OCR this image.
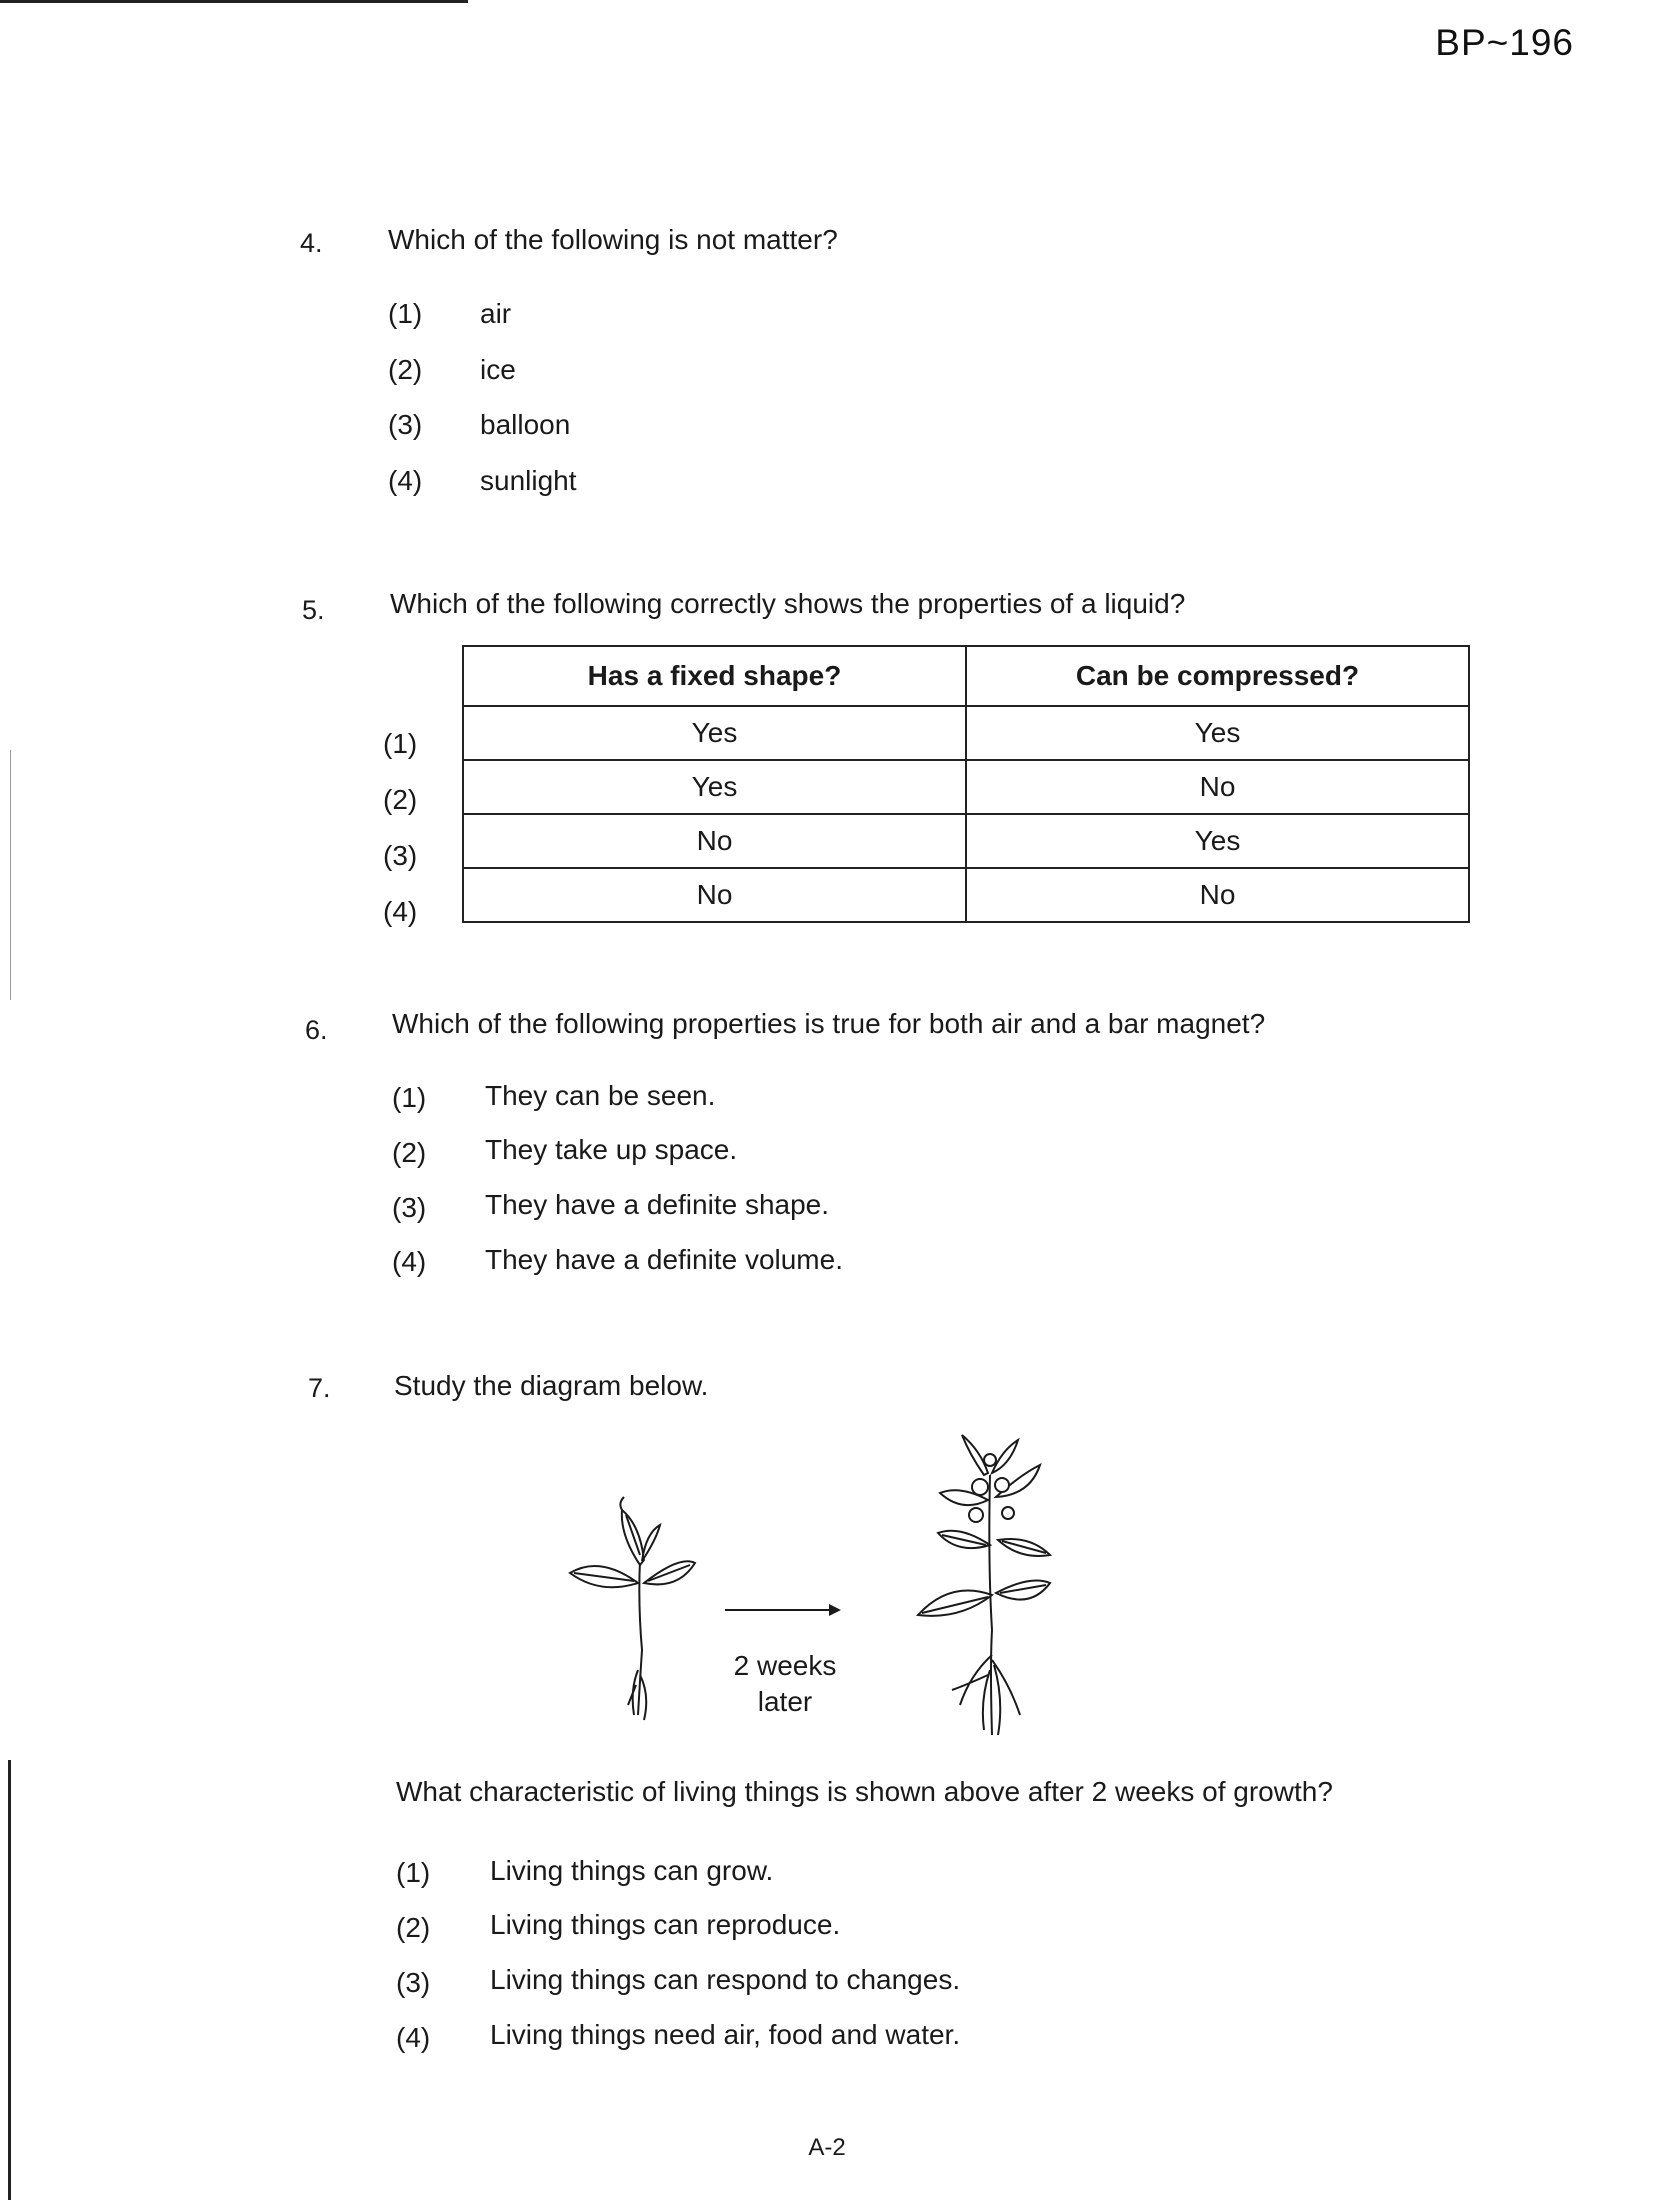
BP~196
4. Which of the following is not matter?
(1) air
(2) ice
(3) balloon
(4) sunlight
5. Which of the following correctly shows the properties of a liquid?
(1)
(2)
(3)
(4)
Has a fixed shape?	Can be compressed?
Yes	Yes
Yes	No
No	Yes
No	No
6. Which of the following properties is true for both air and a bar magnet?
(1) They can be seen.
(2) They take up space.
(3) They have a definite shape.
(4) They have a definite volume.
7. Study the diagram below.
2 weeks
later
What characteristic of living things is shown above after 2 weeks of growth?
(1) Living things can grow.
(2) Living things can reproduce.
(3) Living things can respond to changes.
(4) Living things need air, food and water.
A-2
